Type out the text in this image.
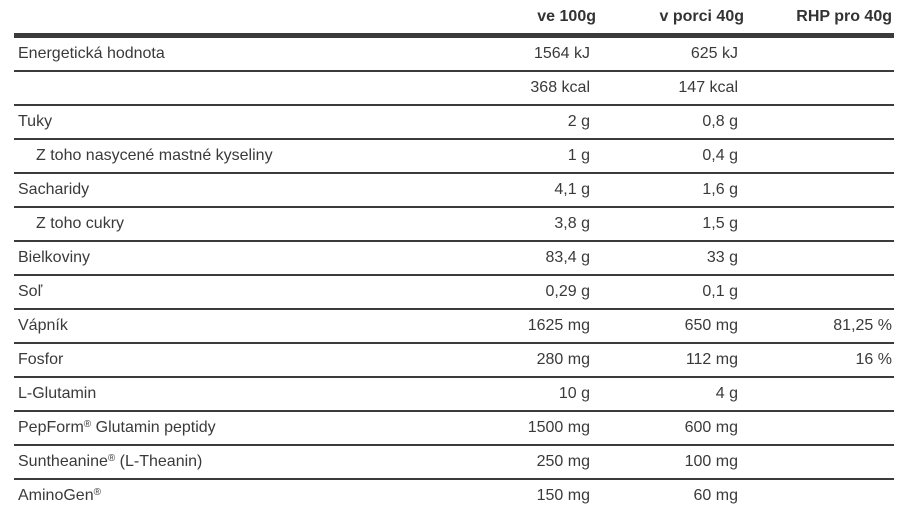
	ve 100g	v porci 40g	RHP pro 40g
Energetická hodnota	1564 kJ	625 kJ	
	368 kcal	147 kcal	
Tuky	2 g	0,8 g	
Z toho nasycené mastné kyseliny	1 g	0,4 g	
Sacharidy	4,1 g	1,6 g	
Z toho cukry	3,8 g	1,5 g	
Bielkoviny	83,4 g	33 g	
Soľ	0,29 g	0,1 g	
Vápník	1625 mg	650 mg	81,25 %
Fosfor	280 mg	112 mg	16 %
L-Glutamin	10 g	4 g	
PepForm® Glutamin peptidy	1500 mg	600 mg	
Suntheanine® (L-Theanin)	250 mg	100 mg	
AminoGen®	150 mg	60 mg	
